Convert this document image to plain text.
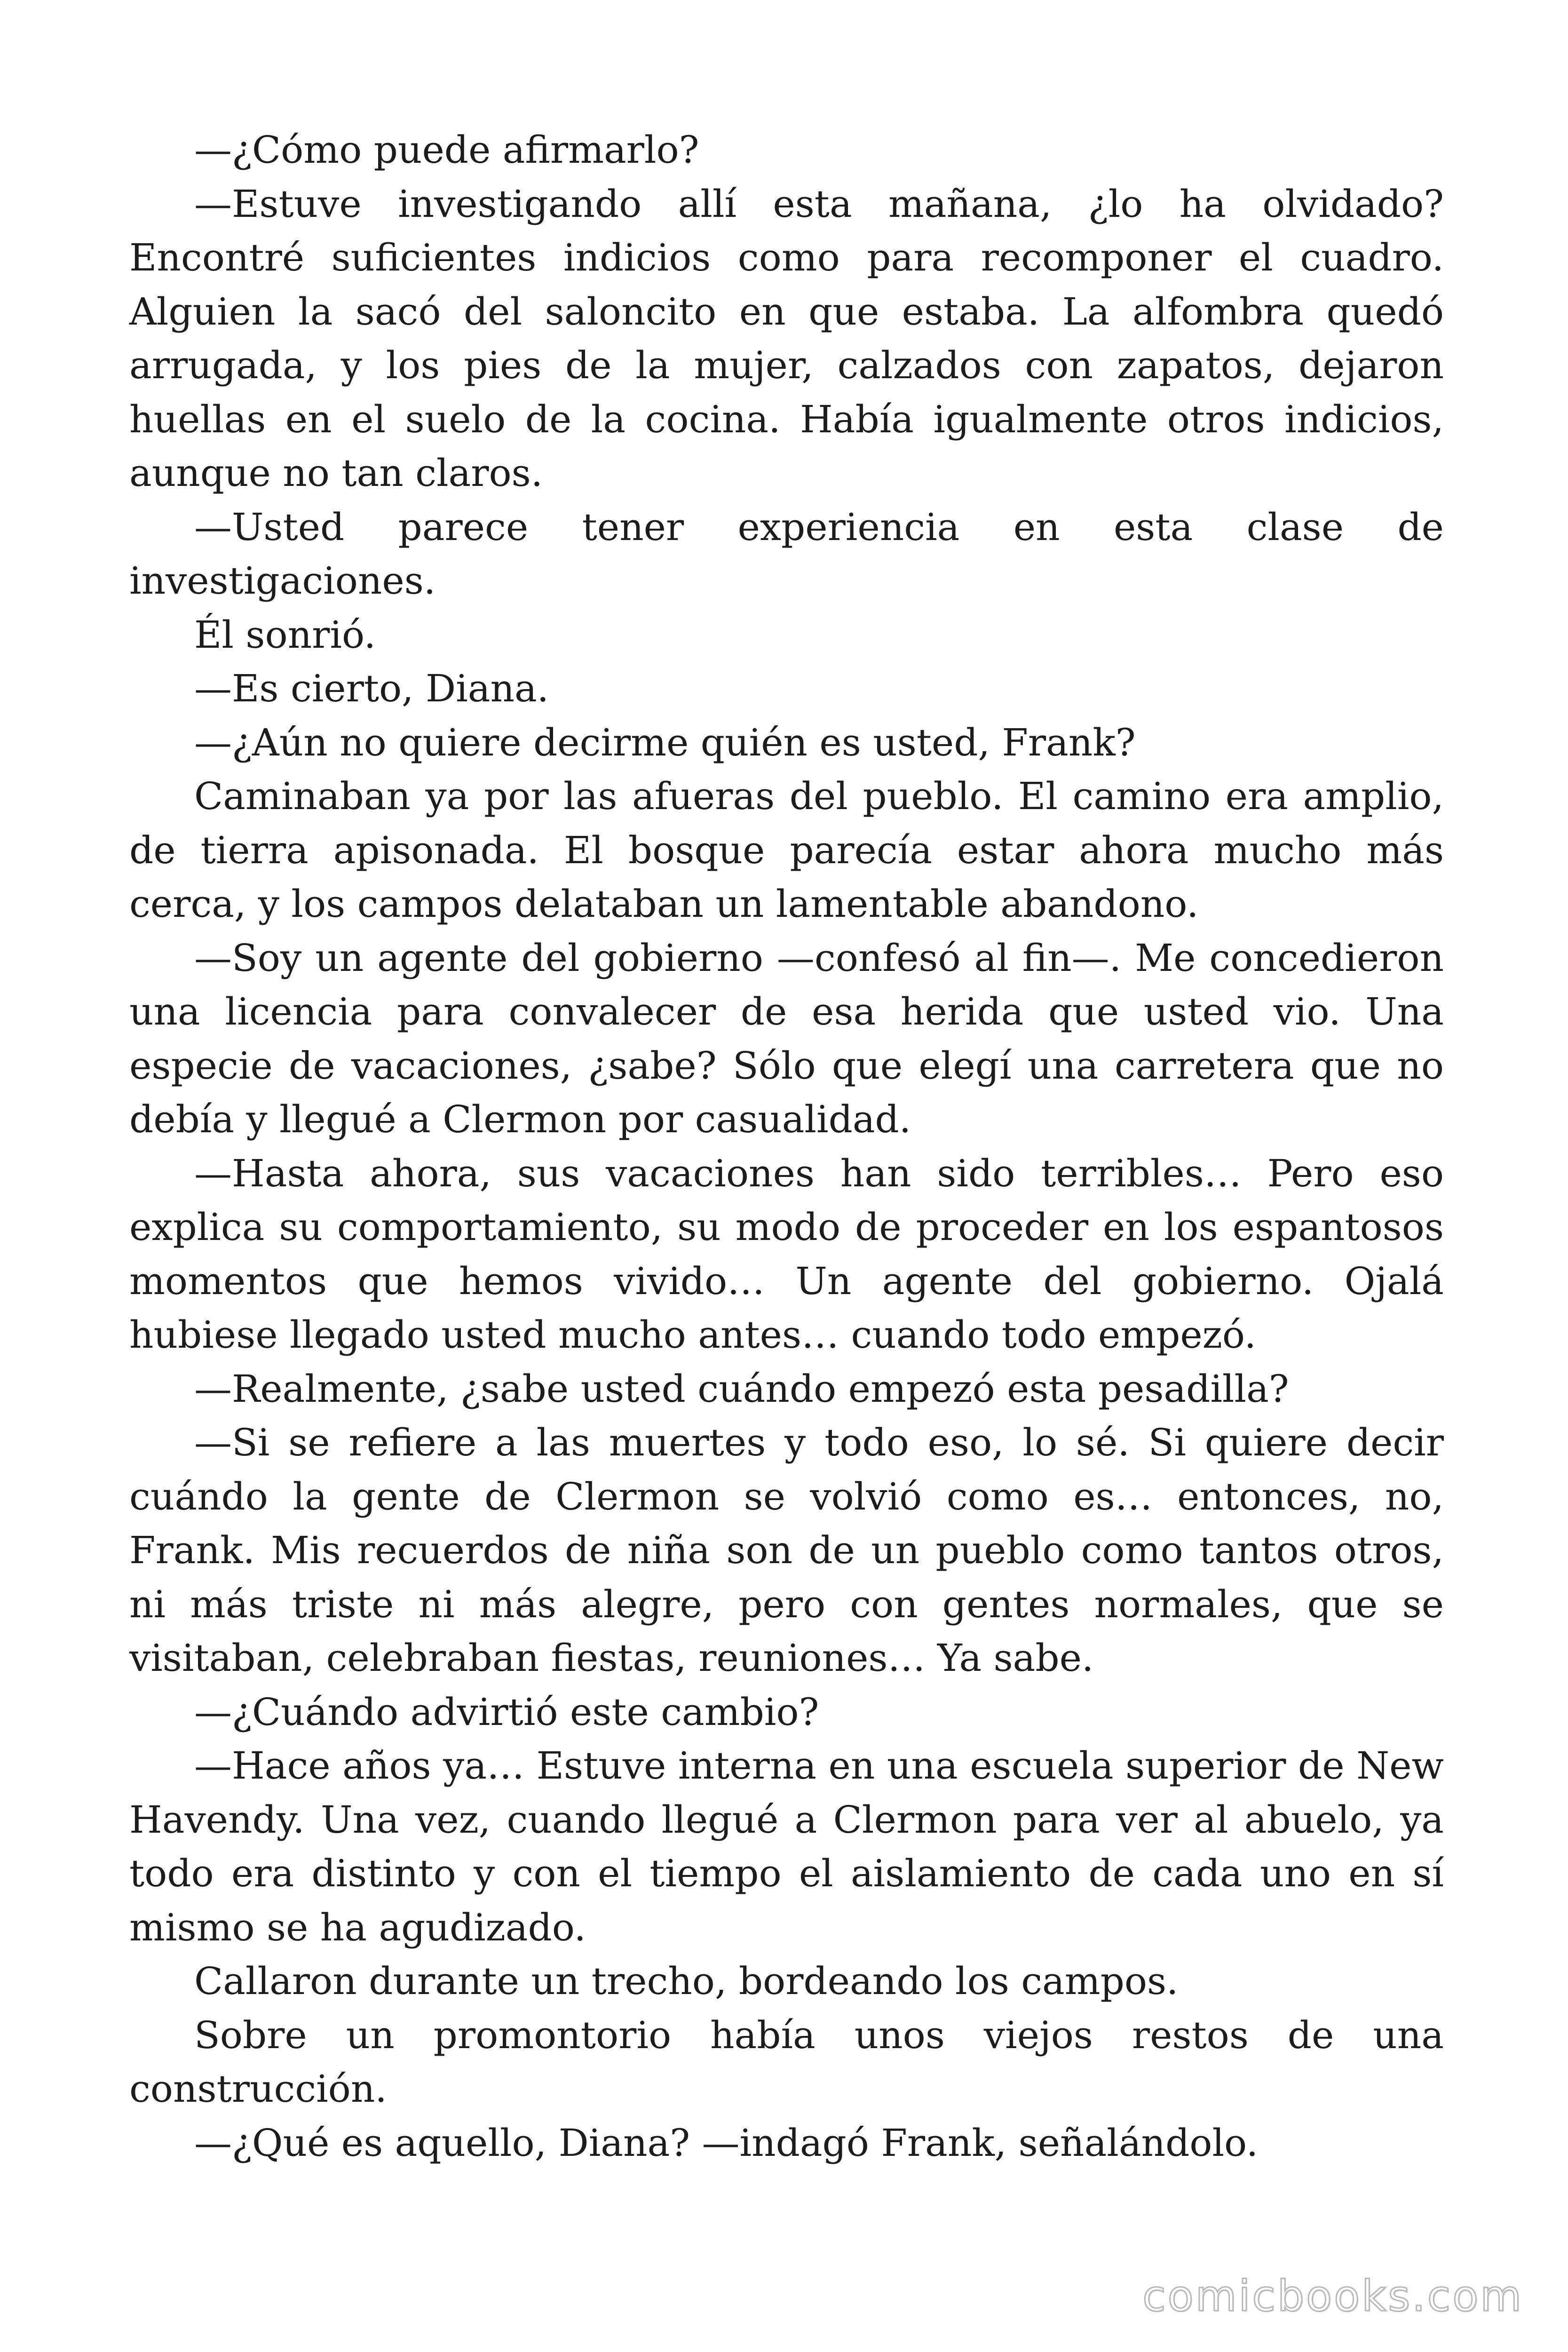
—¿Cómo puede afirmarlo?

—Estuve investigando allí esta mañana, ¿lo ha olvidado? Encontré suficientes indicios como para recomponer el cuadro. Alguien la sacó del saloncito en que estaba. La alfombra quedó arrugada, y los pies de la mujer, calzados con zapatos, dejaron huellas en el suelo de la cocina. Había igualmente otros indicios, aunque no tan claros.

—Usted parece tener experiencia en esta clase de investigaciones.

Él sonrió.

—Es cierto, Diana.

—¿Aún no quiere decirme quién es usted, Frank?

Caminaban ya por las afueras del pueblo. El camino era amplio, de tierra apisonada. El bosque parecía estar ahora mucho más cerca, y los campos delataban un lamentable abandono.

—Soy un agente del gobierno —confesó al fin—. Me concedieron una licencia para convalecer de esa herida que usted vio. Una especie de vacaciones, ¿sabe? Sólo que elegí una carretera que no debía y llegué a Clermon por casualidad.

—Hasta ahora, sus vacaciones han sido terribles… Pero eso explica su comportamiento, su modo de proceder en los espantosos momentos que hemos vivido… Un agente del gobierno. Ojalá hubiese llegado usted mucho antes… cuando todo empezó.

—Realmente, ¿sabe usted cuándo empezó esta pesadilla?

—Si se refiere a las muertes y todo eso, lo sé. Si quiere decir cuándo la gente de Clermon se volvió como es… entonces, no, Frank. Mis recuerdos de niña son de un pueblo como tantos otros, ni más triste ni más alegre, pero con gentes normales, que se visitaban, celebraban fiestas, reuniones… Ya sabe.

—¿Cuándo advirtió este cambio?

—Hace años ya… Estuve interna en una escuela superior de New Havendy. Una vez, cuando llegué a Clermon para ver al abuelo, ya todo era distinto y con el tiempo el aislamiento de cada uno en sí mismo se ha agudizado.

Callaron durante un trecho, bordeando los campos.

Sobre un promontorio había unos viejos restos de una construcción.

—¿Qué es aquello, Diana? —indagó Frank, señalándolo.

comicbooks.com
